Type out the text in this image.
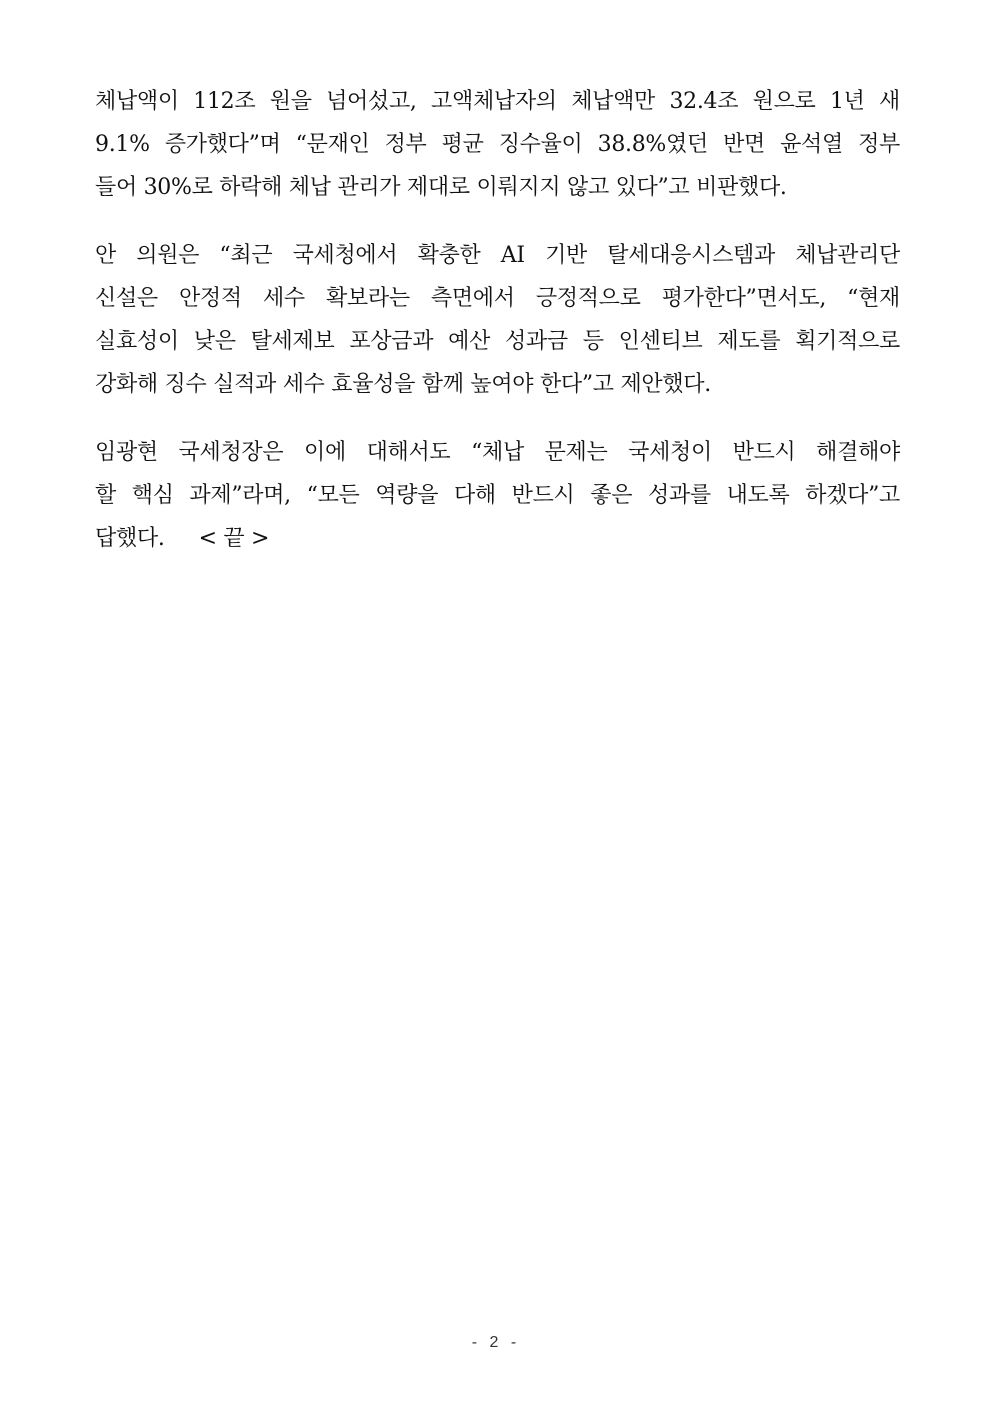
체납액이 112조 원을 넘어섰고, 고액체납자의 체납액만 32.4조 원으로 1년 새
9.1% 증가했다”며 “문재인 정부 평균 징수율이 38.8%였던 반면 윤석열 정부
들어 30%로 하락해 체납 관리가 제대로 이뤄지지 않고 있다”고 비판했다.

안 의원은 “최근 국세청에서 확충한 AI 기반 탈세대응시스템과 체납관리단
신설은 안정적 세수 확보라는 측면에서 긍정적으로 평가한다”면서도, “현재
실효성이 낮은 탈세제보 포상금과 예산 성과금 등 인센티브 제도를 획기적으로
강화해 징수 실적과 세수 효율성을 함께 높여야 한다”고 제안했다.

임광현 국세청장은 이에 대해서도 “체납 문제는 국세청이 반드시 해결해야
할 핵심 과제”라며, “모든 역량을 다해 반드시 좋은 성과를 내도록 하겠다”고
답했다. < 끝 >

- 2 -
